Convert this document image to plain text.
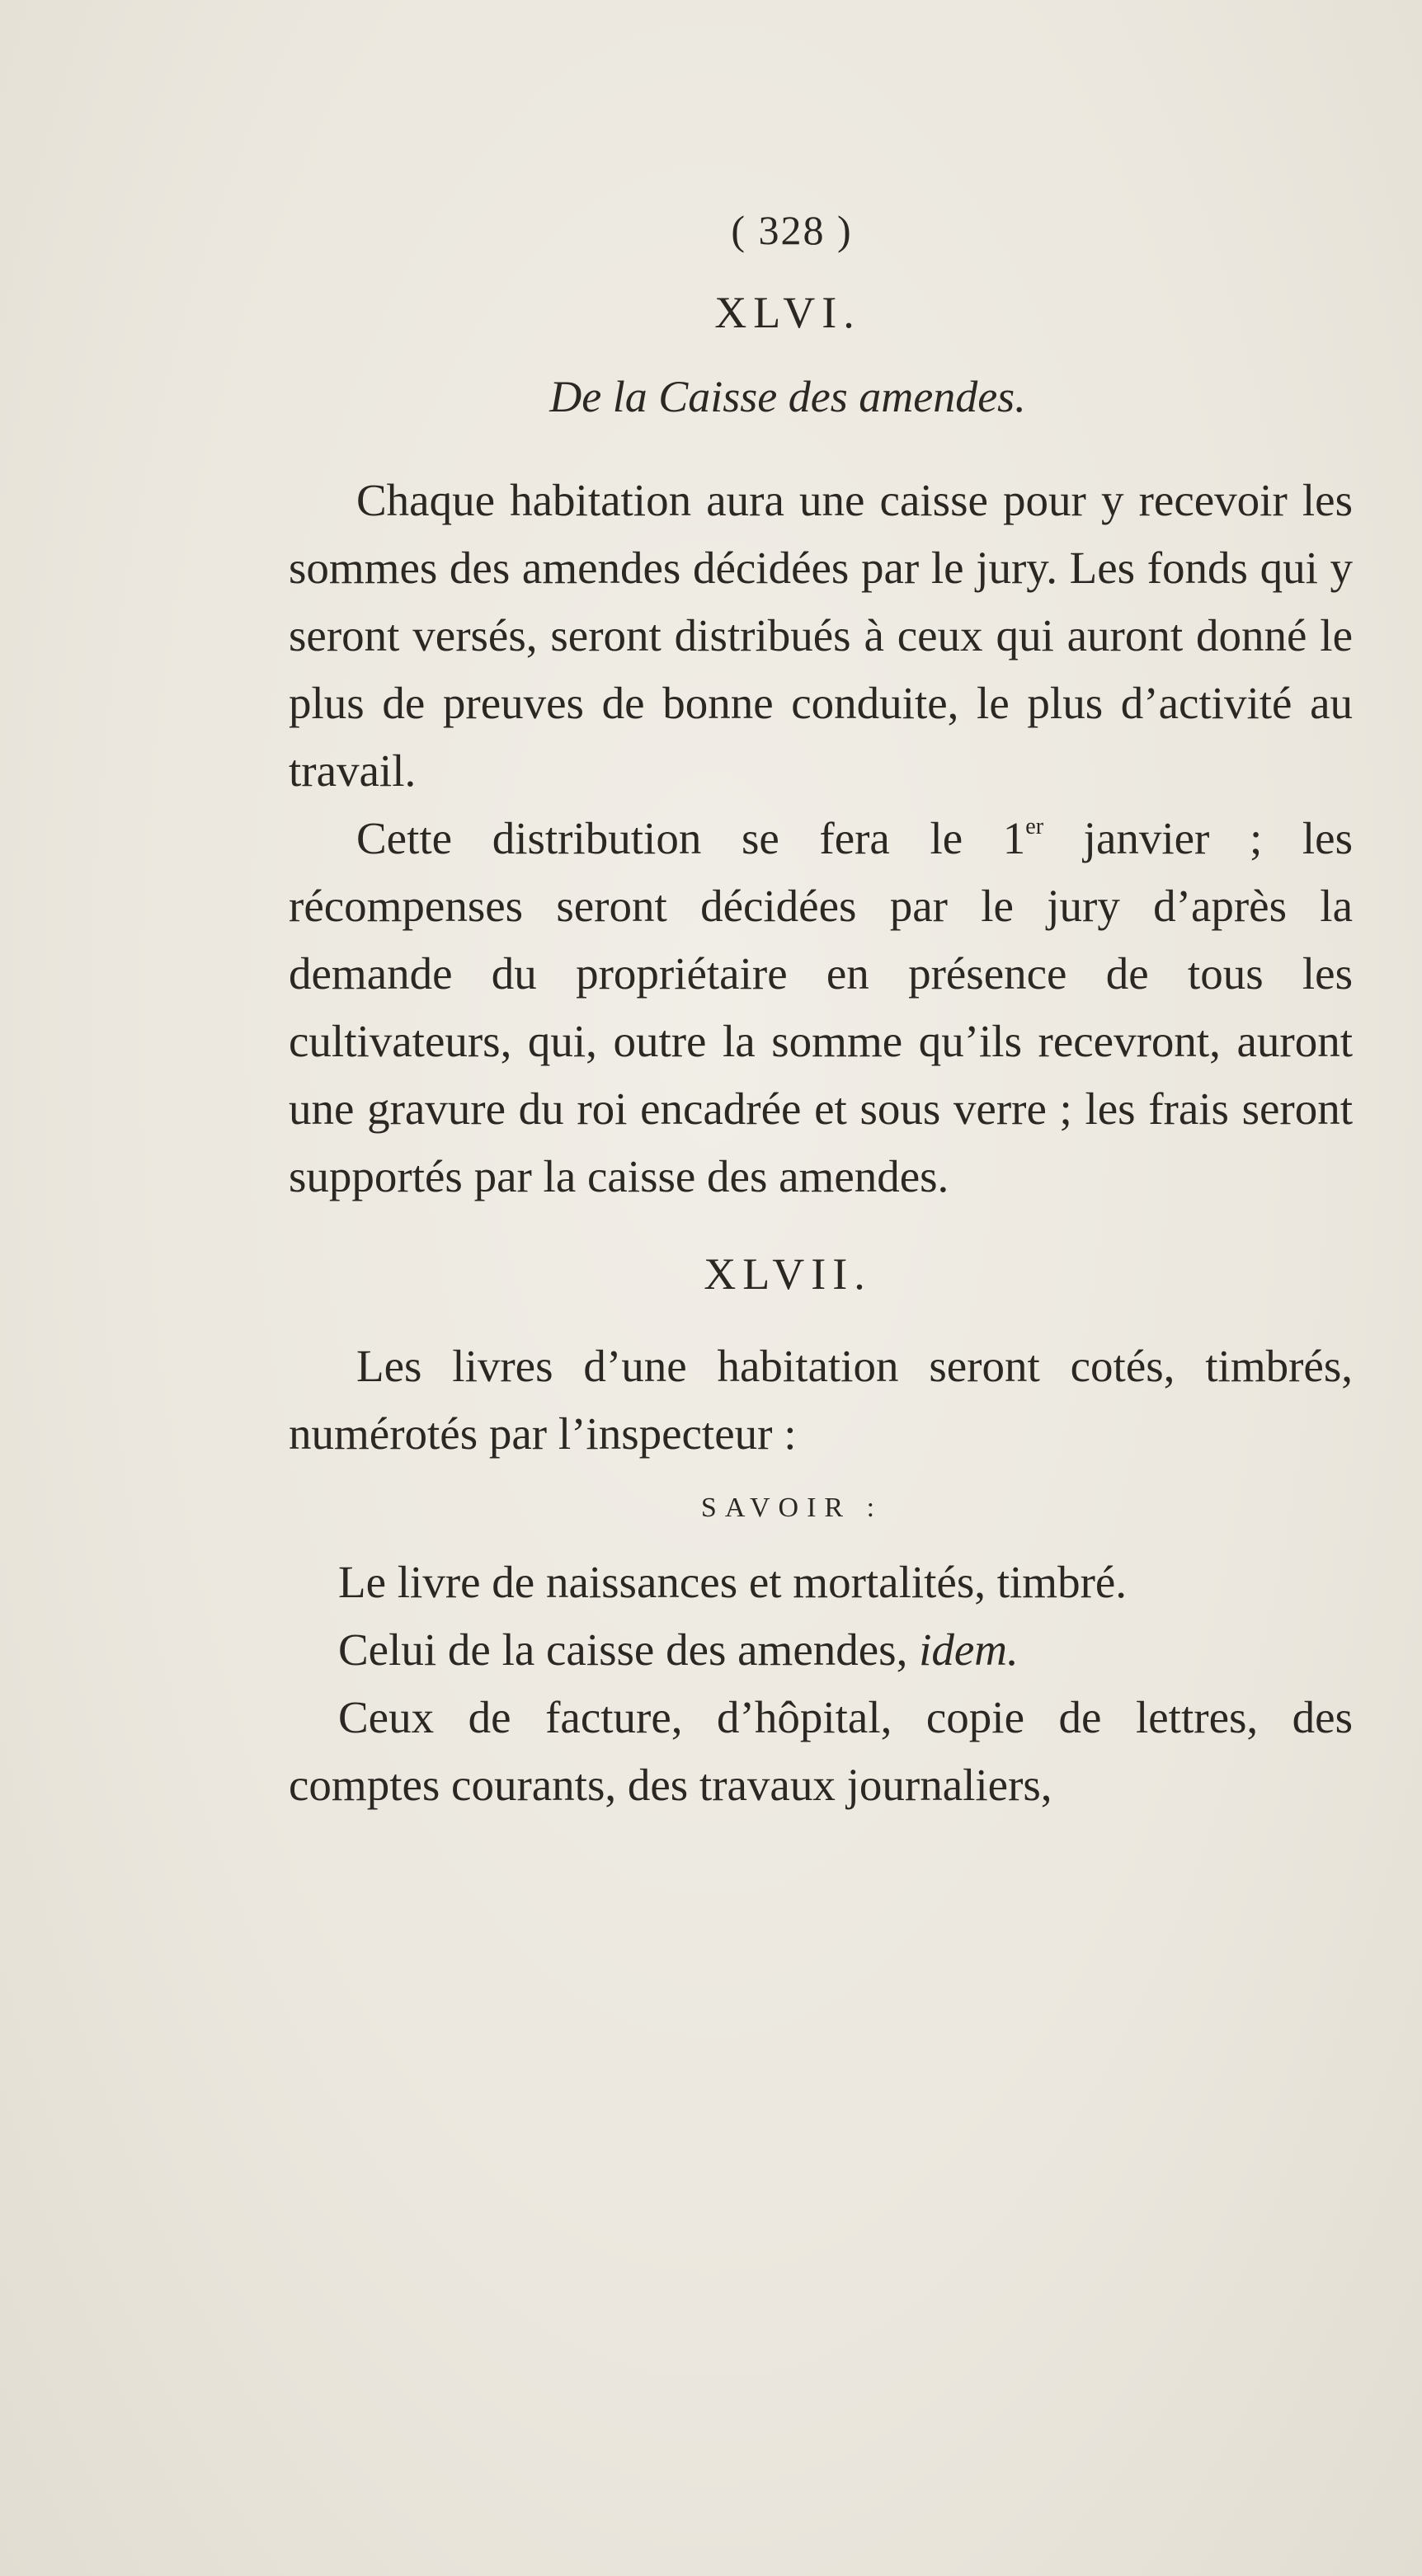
( 328 )
XLVI.
De la Caisse des amendes.

Chaque habitation aura une caisse pour y recevoir les sommes des amendes décidées par le jury. Les fonds qui y seront versés, seront distribués à ceux qui auront donné le plus de preuves de bonne conduite, le plus d’activité au travail.

Cette distribution se fera le 1er janvier ; les récompenses seront décidées par le jury d’après la demande du propriétaire en présence de tous les cultivateurs, qui, outre la somme qu’ils recevront, auront une gravure du roi encadrée et sous verre ; les frais seront supportés par la caisse des amendes.

XLVII.

Les livres d’une habitation seront cotés, timbrés, numérotés par l’inspecteur :

SAVOIR :

Le livre de naissances et mortalités, timbré.

Celui de la caisse des amendes, idem.

Ceux de facture, d’hôpital, copie de lettres, des comptes courants, des travaux journaliers,
